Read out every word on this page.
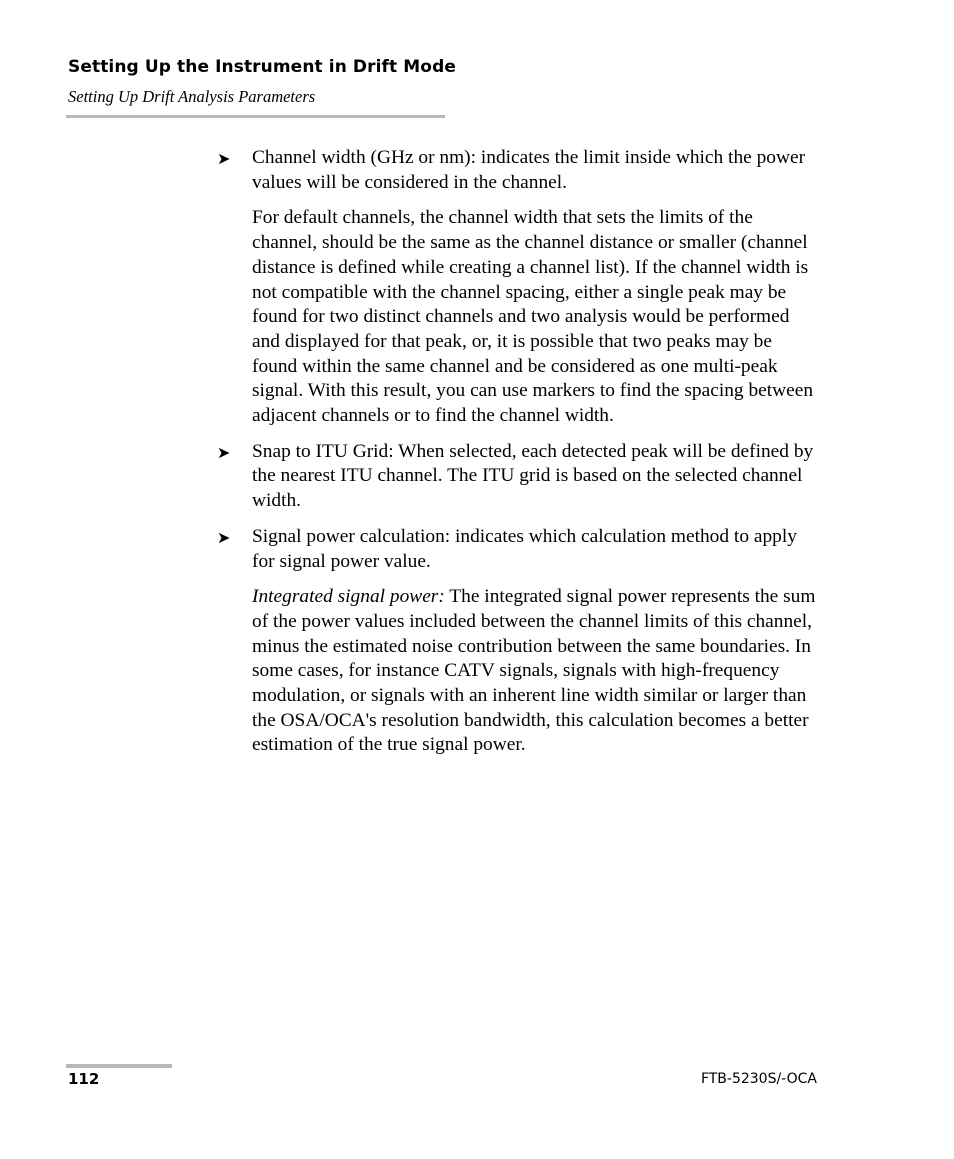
Setting Up the Instrument in Drift Mode
Setting Up Drift Analysis Parameters
➤ Channel width (GHz or nm): indicates the limit inside which the power values will be considered in the channel.

For default channels, the channel width that sets the limits of the channel, should be the same as the channel distance or smaller (channel distance is defined while creating a channel list). If the channel width is not compatible with the channel spacing, either a single peak may be found for two distinct channels and two analysis would be performed and displayed for that peak, or, it is possible that two peaks may be found within the same channel and be considered as one multi-peak signal. With this result, you can use markers to find the spacing between adjacent channels or to find the channel width.

➤ Snap to ITU Grid: When selected, each detected peak will be defined by the nearest ITU channel. The ITU grid is based on the selected channel width.
➤ Signal power calculation: indicates which calculation method to apply for signal power value.

Integrated signal power: The integrated signal power represents the sum of the power values included between the channel limits of this channel, minus the estimated noise contribution between the same boundaries. In some cases, for instance CATV signals, signals with high-frequency modulation, or signals with an inherent line width similar or larger than the OSA/OCA's resolution bandwidth, this calculation becomes a better estimation of the true signal power.

112	FTB-5230S/-OCA
